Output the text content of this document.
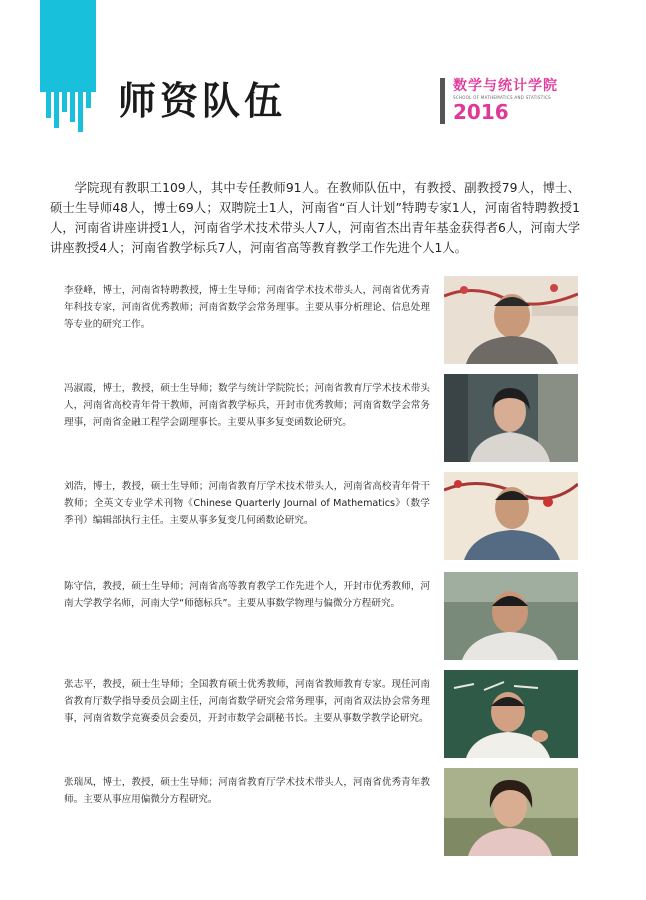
师资队伍	数学与统计学院
SCHOOL OF MATHEMATICS AND STATISTICS
2016

学院现有教职工109人，其中专任教师91人。在教师队伍中，有教授、副教授79人，博士、硕士生导师48人，博士69人；双聘院士1人，河南省“百人计划”特聘专家1人，河南省特聘教授1人，河南省讲座讲授1人，河南省学术技术带头人7人，河南省杰出青年基金获得者6人，河南大学讲座教授4人；河南省教学标兵7人，河南省高等教育教学工作先进个人1人。

李登峰，博士，河南省特聘教授，博士生导师；河南省学术技术带头人，河南省优秀青年科技专家，河南省优秀教师；河南省数学会常务理事。主要从事分析理论、信息处理等专业的研究工作。

冯淑霞，博士，教授，硕士生导师；数学与统计学院院长；河南省教育厅学术技术带头人，河南省高校青年骨干教师，河南省教学标兵，开封市优秀教师；河南省数学会常务理事，河南省金融工程学会副理事长。主要从事多复变函数论研究。

刘浩，博士，教授，硕士生导师；河南省教育厅学术技术带头人，河南省高校青年骨干教师；全英文专业学术刊物《Chinese Quarterly Journal of Mathematics》（数学季刊）编辑部执行主任。主要从事多复变几何函数论研究。

陈守信，教授，硕士生导师；河南省高等教育教学工作先进个人，开封市优秀教师，河南大学教学名师，河南大学“师德标兵”。主要从事数学物理与偏微分方程研究。

张志平，教授，硕士生导师；全国教育硕士优秀教师，河南省教师教育专家。现任河南省教育厅数学指导委员会副主任，河南省数学研究会常务理事，河南省双法协会常务理事，河南省数学竞赛委员会委员，开封市数学会副秘书长。主要从事数学教学论研究。

张瑞凤，博士，教授，硕士生导师；河南省教育厅学术技术带头人，河南省优秀青年教师。主要从事应用偏微分方程研究。
